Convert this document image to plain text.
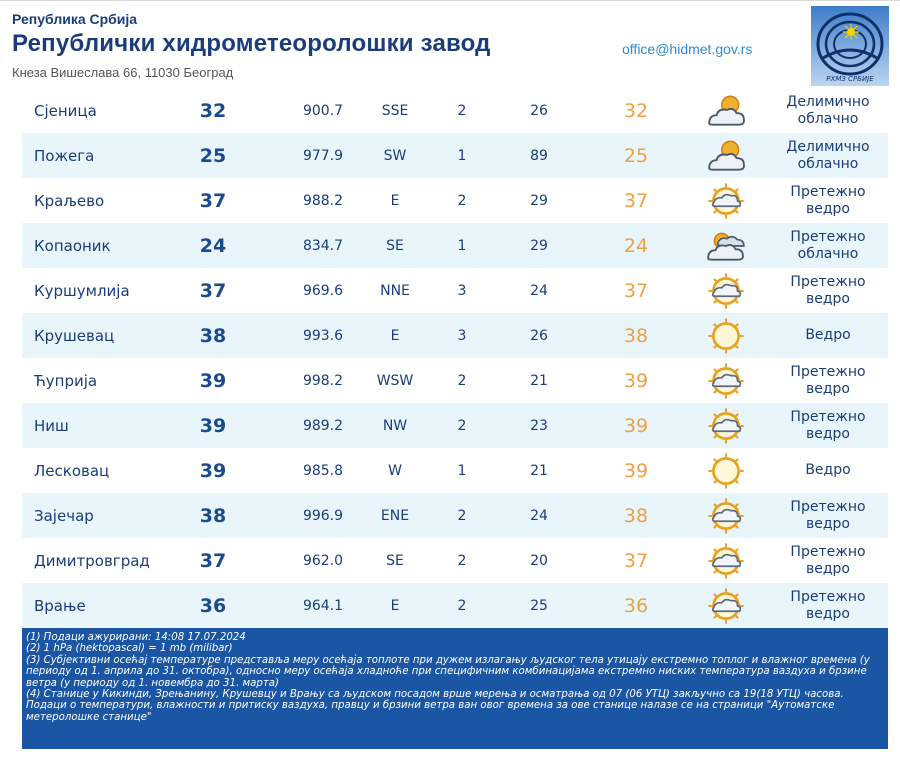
Република Србија
Републички хидрометеоролошки завод
Кнеза Вишеслава 66, 11030 Београд
office@hidmet.gov.rs
РХМЗ СРБИЈЕ
Сјеница	32	900.7	SSE	2	26	32	Делимично
облачно
Пожега	25	977.9	SW	1	89	25	Делимично
облачно
Краљево	37	988.2	E	2	29	37	Претежно
ведро
Копаоник	24	834.7	SE	1	29	24	Претежно
облачно
Куршумлија	37	969.6	NNE	3	24	37	Претежно
ведро
Крушевац	38	993.6	E	3	26	38	Ведро
Ћуприја	39	998.2	WSW	2	21	39	Претежно
ведро
Ниш	39	989.2	NW	2	23	39	Претежно
ведро
Лесковац	39	985.8	W	1	21	39	Ведро
Зајечар	38	996.9	ENE	2	24	38	Претежно
ведро
Димитровград	37	962.0	SE	2	20	37	Претежно
ведро
Врање	36	964.1	E	2	25	36	Претежно
ведро

(1) Подаци ажурирани: 14:08 17.07.2024

(2) 1 hPa (hektopascal) = 1 mb (milibar)

(3) Субјективни осећај температуре представља меру осећаја топлоте при дужем излагању људског тела утицају екстремно топлог и влажног времена (у периоду од 1. априла до 31. октобра), односно меру осећаја хладноће при специфичним комбинацијама екстремно ниских температура ваздуха и брзине ветра (у периоду од 1. новембра до 31. марта)

(4) Станице у Кикинди, Зрењанину, Крушевцу и Врању са људском посадом врше мерења и осматрања од 07 (06 УТЦ) закључно са 19(18 УТЦ) часова.

Подаци о температури, влажности и притиску ваздуха, правцу и брзини ветра ван овог времена за ове станице налазе се на страници "Аутоматске метеролошке станице"
